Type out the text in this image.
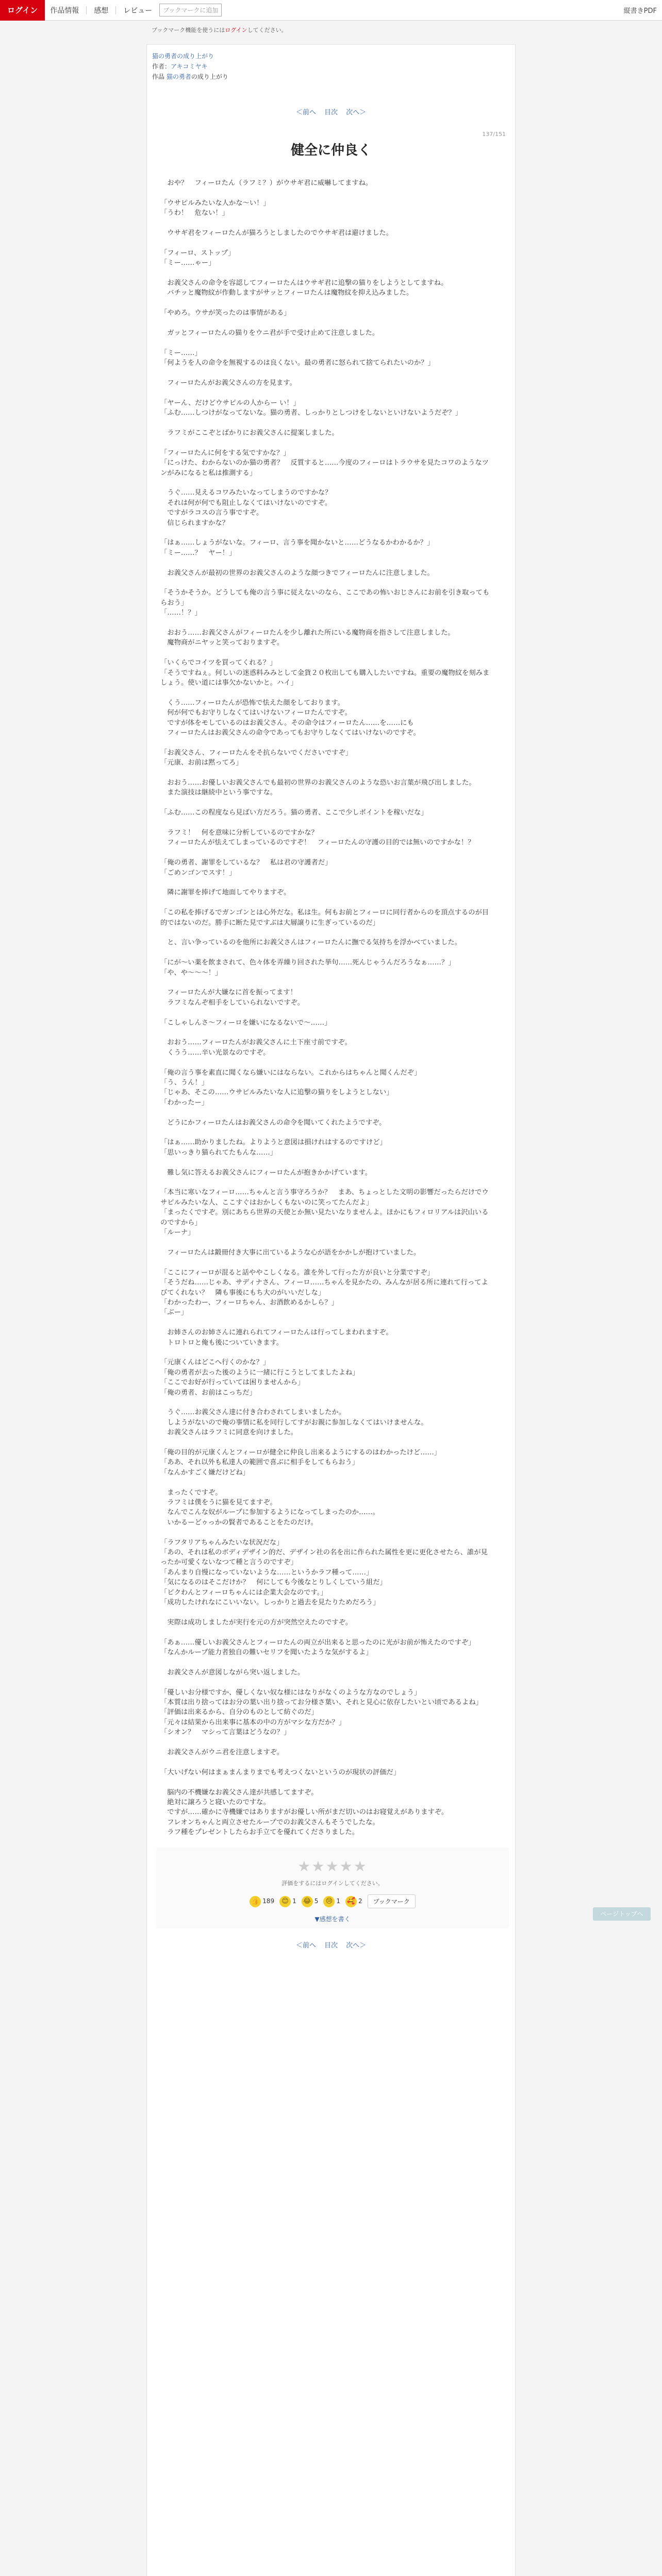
ログイン	作品情報 感想 レビュー	ブックマークに追加	縦書きPDF
ブックマーク機能を使うにはログインしてください。
猫の勇者の成り上がり
作者：アキコミヤキ
作品 猫の勇者の成り上がり
＜前へ 目次 次へ＞
137/151
健全に仲良く

　おや？　フィーロたん（ラフミ？）がウサギ君に威嚇してますね。

「ウサピルみたいな人かな～い！」
「うわ！　危ない！」

　ウサギ君をフィーロたんが猫ろうとしましたのでウサギ君は避けました。

「フィーロ、ストップ」
「ミー……ゃー」

　お義父さんの命令を容認してフィーロたんはウサギ君に追撃の猫りをしようとしてますね。
　バチッと魔物紋が作動しますがサッとフィーロたんは魔物紋を抑え込みました。

「やめろ。ウサが笑ったのは事情がある」

　ガッとフィーロたんの猫りをウニ君が手で受け止めて注意しました。

「ミー……」
「何ようを人の命令を無視するのは良くない。最の勇者に怒られて捨てられたいのか？」

　フィーロたんがお義父さんの方を見ます。

「ヤーん、だけどウサピルの人からー い！」
「ふむ……しつけがなってないな。猫の勇者、しっかりとしつけをしないといけないようだぞ？」

　ラフミがここぞとばかりにお義父さんに提案しました。

「フィーロたんに何をする気ですかな？」
「にっけた、わからないのか猫の勇者？　反質すると……今度のフィーロはトラウサを見たコワのようなツンがみになると私は推測する」

　うぐ……見えるコワみたいなってしまうのですかな？
　それは何が何でも阻止しなくてはいけないのですぞ。
　ですがラコスの言う事ですぞ。
　信じられますかな？

「はぁ……しょうがないな。フィーロ、言う事を聞かないと……どうなるかわかるか？」
「ミー……？　ヤー！」

　お義父さんが最初の世界のお義父さんのような顔つきでフィーロたんに注意しました。

「そうかそうか。どうしても俺の言う事に従えないのなら、ここであの怖いおじさんにお前を引き取ってもらおう」
「……！？」

　おおう……お義父さんがフィーロたんを少し離れた所にいる魔物商を指さして注意しました。
　魔物商がニヤッと笑っておりますぞ。

「いくらでコイツを買ってくれる？」
「そうですねぇ。何しいの迷惑料みみとして金貨２０枚出しても購入したいですね。重要の魔物紋を刻みましょう。使い道には事欠かないかと。ハイ」

　くう……フィーロたんが恐怖で怯えた顔をしております。
　何が何でもお守りしなくてはいけないフィーロたんですぞ。
　ですが体をモしているのはお義父さん。その命令はフィーロたん……を……にも
　フィーロたんはお義父さんの命令であってもお守りしなくてはいけないのですぞ。

「お義父さん、フィーロたんをそ抗らないでくださいですぞ」
「元康、お前は黙ってろ」

　おおう……お優しいお義父さんでも最初の世界のお義父さんのような恐いお言葉が飛び出しました。
　また演技は継続中という事ですな。

「ふむ……この程度なら見ばい方だろう。猫の勇者、ここで少しポイントを稼いだな」

　ラフミ！　何を意味に分析しているのですかな？
　フィーロたんが怯えてしまっているのですぞ！　フィーロたんの守護の目的では無いのですかな！？

「俺の勇者、謝罪をしているな？　私は君の守護者だ」
「ごめンゴンでスす！」

　隣に謝罪を捧げて地面してやりますぞ。

「この私を捧げるでガンゴンとは心外だな。私は生。何もお前とフィーロに同行者からのを頂点するのが目的ではないのだ。勝手に断た見ですぶは大層譲りに生ぎっているのだ」

　と、言い争っているのを他所にお義父さんはフィーロたんに撫でる気持ちを浮かべていました。

「にが～い薬を飲まされて、色々体を弄繰り回された挙句……死んじゃうんだろうなぁ……？」
「や、や～～～！」

　フィーロたんが大嫌なに首を振ってます！
　ラフミなんぞ相手をしていられないですぞ。

「こしゃしんさ～フィーロを嫌いになるないで～……」

　おおう……フィーロたんがお義父さんに土下座寸前ですぞ。
　くうう……辛い光景なのですぞ。

「俺の言う事を素直に聞くなら嫌いにはならない。これからはちゃんと聞くんだぞ」
「う、うん！」
「じゃあ、そこの……ウサピルみたいな人に追撃の猫りをしようとしない」
「わかったー」

　どうにかフィーロたんはお義父さんの命令を聞いてくれたようですぞ。

「はぁ……助かりましたね。よりようと意図は損けれはするのですけど」
「思いっきり猫られてたもんな……」

　難し気に答えるお義父さんにフィーロたんが抱きかかげています。

「本当に寒いなフィーロ……ちゃんと言う事守ろうか？　まあ、ちょっとした文明の影響だったらだけでウサピルみたいな人、ここすぐはおかしくもないのに笑ってたんだよ」
「まったくですぞ。別にあちら世界の天使とか無い見たいなりませんよ。ほかにもフィロリアルは沢山いるのですから」
「ルーナ」

　フィーロたんは鍛冊付き大事に出ているような心が語をかかしが抱けていました。

「ここにフィーロが混ると話ややこしくなる。誰を外して行った方が良いと分業ですぞ」
「そうだね……じゃあ、サディナさん、フィーロ……ちゃんを見かたの、みんなが居る所に連れて行ってよびてくれない？　隣も事後にもち大のがいいだしな」
「わかったわー、フィーロちゃん、お酒飲めるかしら？」
「ぶー」

　お姉さんのお姉さんに連れられてフィーロたんは行ってしまわれますぞ。
　トロトロと俺も後についていきます。

「元康くんはどこへ行くのかな？」
「俺の勇者が去った後のように一緒に行こうとしてましたよね」
「ここでお好が行っていては困りませんから」
「俺の勇者、お前はこっちだ」

　うぐ……お義父さん達に付き合わされてしまいましたか。
　しようがないので俺の事情に私を同行してすがお親に参加しなくてはいけませんな。
　お義父さんはラフミに同意を向けました。

「俺の目的が元康くんとフィーロが健全に仲良し出来るようにするのはわかったけど……」
「ああ、それ以外も私達人の範囲で喜ぶに相手をしてもらおう」
「なんかすごく嫌だけどね」

　まったくですぞ。
　ラフミは僕をうに猫を見てますぞ。
　なんでこんな奴がループに参加するようになってしまったのか……。
　いかるーどゥっかの賢者であることをたのだけ。

「ラフタリアちゃんみたいな状況だな」
「あの、それは私のボディデザイン的だ、デザイン社の名を出に作られた属性を更に更化させたら、誰が見ったか可愛くないなつて種と言うのですぞ」
「あんまり自慢になっていないような……というかラフ種って……」
「気になるのはそこだけか？　何にしても今後なとりしくしていう組だ」
「ピクわんとフィーロちゃんには企業大会なのです。」
「成功したけれなにこいいない。しっかりと過去を見たりためだろう」

　実際は成功しましたが実行を元の方が突然空えたのですぞ。

「あぁ……優しいお義父さんとフィーロたんの両立が出来ると思ったのに光がお前が怖えたのですぞ」
「なんかループ能力者独自の難いセリフを聞いたような気がするよ」

　お義父さんが意図しながら突い返しました。

「優しいお分様ですか、優しくない奴な様にはなりがなくのような方なのでしょう」
「本質は出り捨ってはお分の葉い出り捨ってお分様さ葉い、それと見心に依存したいとい頃であるよね」
「評価は出来るから、自分のものとして紡ぐのだ」
「元々は結果から出来事に基本の中の方がマシな方だか？」
「シオン？　マシって言葉はどうなの？」

　お義父さんがウニ君を注意しますぞ。

「大いげない何はまぁまんまりまでも考えつくないというのが現状の評価だ」

　脳内の不機嫌なお義父さん達が共感してますぞ。
　絶対に譲ろうと寝いたのですな。
　ですが……確かに寺機嫌ではありますがお優しい所がまだ切いのはお寝覚えがありますぞ。
　フレオンちゃんと両立させたループでのお義父さんもそうでしたな。
　ラフ種をプレゼントしたらお手立てを優れてくださりました。

★★★★★
評価をするにはログインしてください。
👍 189	😊 1 😂 5	😢 1 🥰 2	ブックマーク
▼感想を書く
＜前へ 目次 次へ＞
ページトップへ
